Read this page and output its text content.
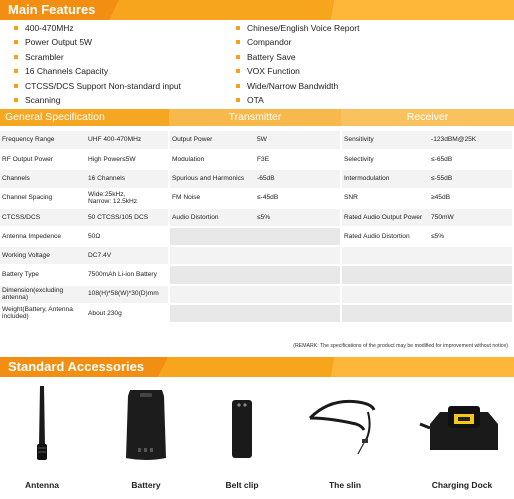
Main Features
400-470MHz
Power Output 5W
Scrambler
16 Channels Capacity
CTCSS/DCS Support Non-standard input
Scanning
Chinese/English Voice Report
Compandor
Battery Save
VOX Function
Wide/Narrow Bandwidth
OTA
General Specification	Transmitter	Receiver
Frequency Range	UHF 400-470MHz	Output Power	5W	Sensitivity	-123dBM@25K
RF Output Power	High Power≤5W	Modulation	F3E	Selectivity	≤-65dB
Channels	16 Channels	Spurious and Harmonics	-65dB	Intermodulation	≤-55dB
Channel Spacing	Wide:25kHz,
Narrow: 12.5kHz	FM Noise	≤-45dB	SNR	≥45dB
CTCSS/DCS	50 CTCSS/105 DCS	Audio Distortion	≤5%	Rated Audio Output Power	750mW
Antenna Impedence	50Ω			Rated Audio Distortion	≤5%
Working Voltage	DC7.4V				
Battery Type	7500mAh Li-ion Battery				
Dimension(excluding antenna)	108(H)*58(W)*30(D)mm				
Weight(Battery, Antenna included)	About 230g				
(REMARK: The specifications of the product may be modified for improvement without notice)
Standard Accessories
Antenna	Battery	Belt clip	The slin	Charging Dock
